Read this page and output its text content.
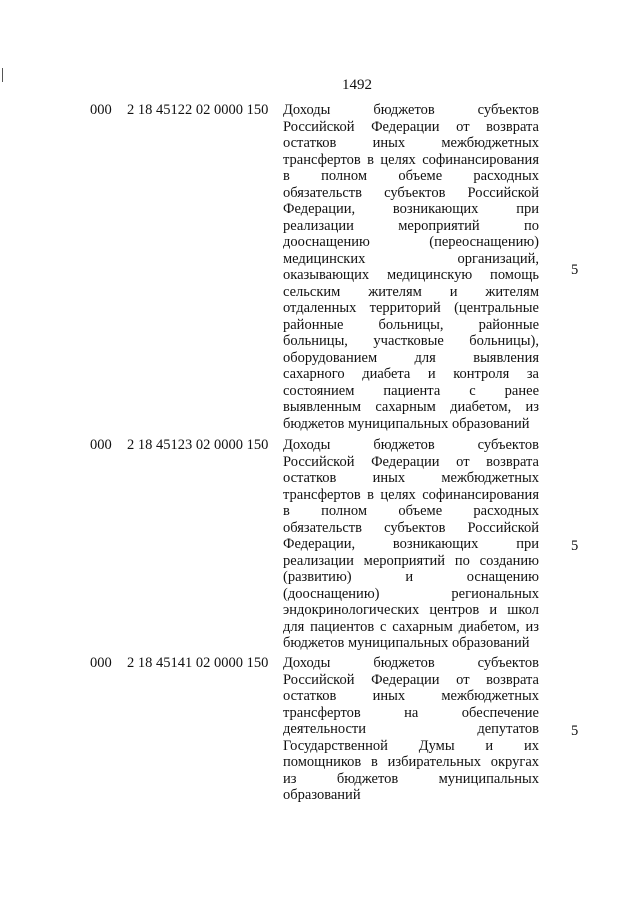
1492
000 2 18 45122 02 0000 150 Доходы бюджетов субъектов
Российской Федерации от возврата
остатков иных межбюджетных
трансфертов в целях софинансирования
в полном объеме расходных
обязательств субъектов Российской
Федерации, возникающих при
реализации мероприятий по
дооснащению (переоснащению)
медицинских организаций,
оказывающих медицинскую помощь
сельским жителям и жителям
отдаленных территорий (центральные
районные больницы, районные
больницы, участковые больницы),
оборудованием для выявления
сахарного диабета и контроля за
состоянием пациента с ранее
выявленным сахарным диабетом, из
бюджетов муниципальных образований
5
000 2 18 45123 02 0000 150 Доходы бюджетов субъектов
Российской Федерации от возврата
остатков иных межбюджетных
трансфертов в целях софинансирования
в полном объеме расходных
обязательств субъектов Российской
Федерации, возникающих при
реализации мероприятий по созданию
(развитию) и оснащению
(дооснащению) региональных
эндокринологических центров и школ
для пациентов с сахарным диабетом, из
бюджетов муниципальных образований
5
000 2 18 45141 02 0000 150 Доходы бюджетов субъектов
Российской Федерации от возврата
остатков иных межбюджетных
трансфертов на обеспечение
деятельности депутатов
Государственной Думы и их
помощников в избирательных округах
из бюджетов муниципальных
образований
5
